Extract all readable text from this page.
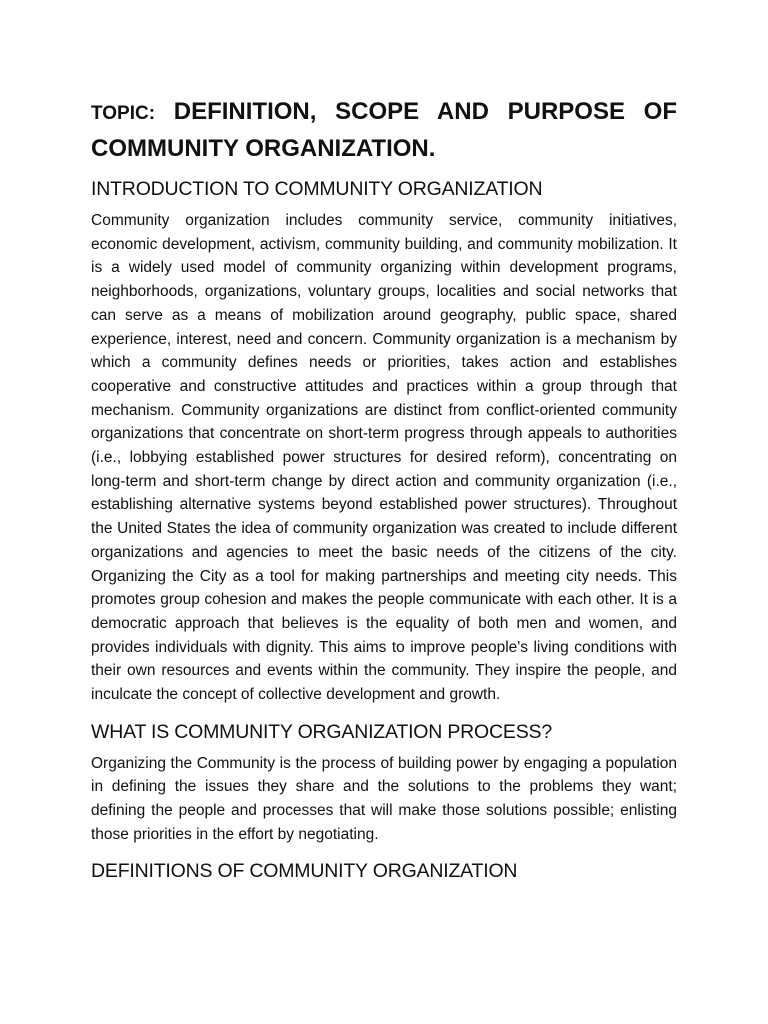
TOPIC: DEFINITION, SCOPE AND PURPOSE OF COMMUNITY ORGANIZATION.
INTRODUCTION TO COMMUNITY ORGANIZATION

Community organization includes community service, community initiatives, economic development, activism, community building, and community mobilization. It is a widely used model of community organizing within development programs, neighborhoods, organizations, voluntary groups, localities and social networks that can serve as a means of mobilization around geography, public space, shared experience, interest, need and concern. Community organization is a mechanism by which a community defines needs or priorities, takes action and establishes cooperative and constructive attitudes and practices within a group through that mechanism. Community organizations are distinct from conflict-oriented community organizations that concentrate on short-term progress through appeals to authorities (i.e., lobbying established power structures for desired reform), concentrating on long-term and short-term change by direct action and community organization (i.e., establishing alternative systems beyond established power structures). Throughout the United States the idea of community organization was created to include different organizations and agencies to meet the basic needs of the citizens of the city. Organizing the City as a tool for making partnerships and meeting city needs. This promotes group cohesion and makes the people communicate with each other. It is a democratic approach that believes is the equality of both men and women, and provides individuals with dignity. This aims to improve people's living conditions with their own resources and events within the community. They inspire the people, and inculcate the concept of collective development and growth.

WHAT IS COMMUNITY ORGANIZATION PROCESS?

Organizing the Community is the process of building power by engaging a population in defining the issues they share and the solutions to the problems they want; defining the people and processes that will make those solutions possible; enlisting those priorities in the effort by negotiating.

DEFINITIONS OF COMMUNITY ORGANIZATION
